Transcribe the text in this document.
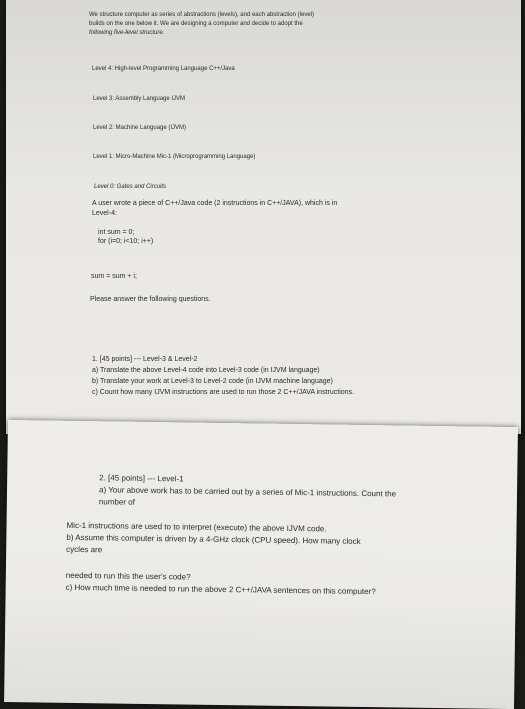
We structure computer as series of abstractions (levels), and each abstraction (level)
builds on the one below it. We are designing a computer and decide to adopt the
following five-level structure.
Level 4: High-level Programming Language C++/Java
Level 3: Assembly Language IJVM
Level 2: Machine Language (IJVM)
Level 1: Micro-Machine Mic-1 (Microprogramming Language)
Level 0: Gates and Circuits
A user wrote a piece of C++/Java code (2 instructions in C++/JAVA), which is in
Level-4:
int sum = 0;
for (i=0; i<10; i++)
sum = sum + i;
Please answer the following questions.
1. [45 points] --- Level-3 & Level-2
a) Translate the above Level-4 code into Level-3 code (in IJVM language)
b) Translate your work at Level-3 to Level-2 code (in IJVM machine language)
c) Count how many IJVM instructions are used to run those 2 C++/JAVA instructions.
2. [45 points] --- Level-1
a) Your above work has to be carried out by a series of Mic-1 instructions. Count the
number of
Mic-1 instructions are used to to interpret (execute) the above IJVM code.
b) Assume this computer is driven by a 4-GHz clock (CPU speed). How many clock
cycles are
needed to run this the user's code?
c) How much time is needed to run the above 2 C++/JAVA sentences on this computer?
